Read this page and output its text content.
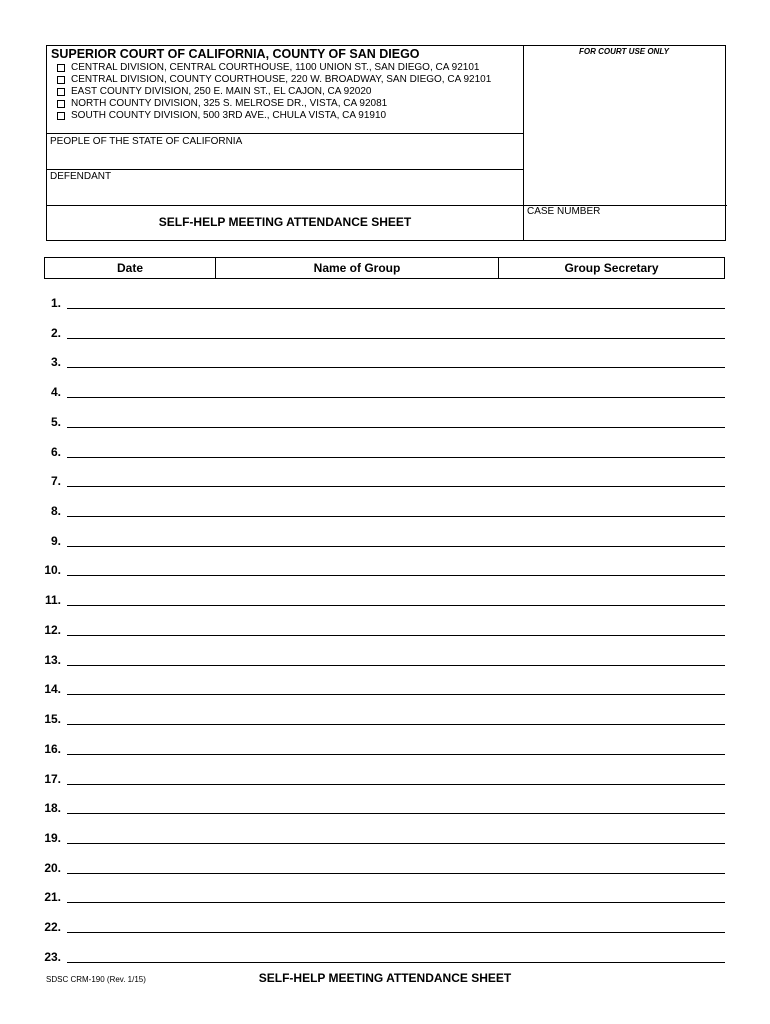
SUPERIOR COURT OF CALIFORNIA, COUNTY OF SAN DIEGO
CENTRAL DIVISION, CENTRAL COURTHOUSE, 1100 UNION ST., SAN DIEGO, CA 92101
CENTRAL DIVISION, COUNTY COURTHOUSE, 220 W. BROADWAY, SAN DIEGO, CA 92101
EAST COUNTY DIVISION, 250 E. MAIN ST., EL CAJON, CA 92020
NORTH COUNTY DIVISION, 325 S. MELROSE DR., VISTA, CA 92081
SOUTH COUNTY DIVISION, 500 3RD AVE., CHULA VISTA, CA 91910
FOR COURT USE ONLY
PEOPLE OF THE STATE OF CALIFORNIA
DEFENDANT
CASE NUMBER
SELF-HELP MEETING ATTENDANCE SHEET
Date	Name of Group	Group Secretary
1.
2.
3.
4.
5.
6.
7.
8.
9.
10.
11.
12.
13.
14.
15.
16.
17.
18.
19.
20.
21.
22.
23.
SDSC CRM-190 (Rev. 1/15)	SELF-HELP MEETING ATTENDANCE SHEET
